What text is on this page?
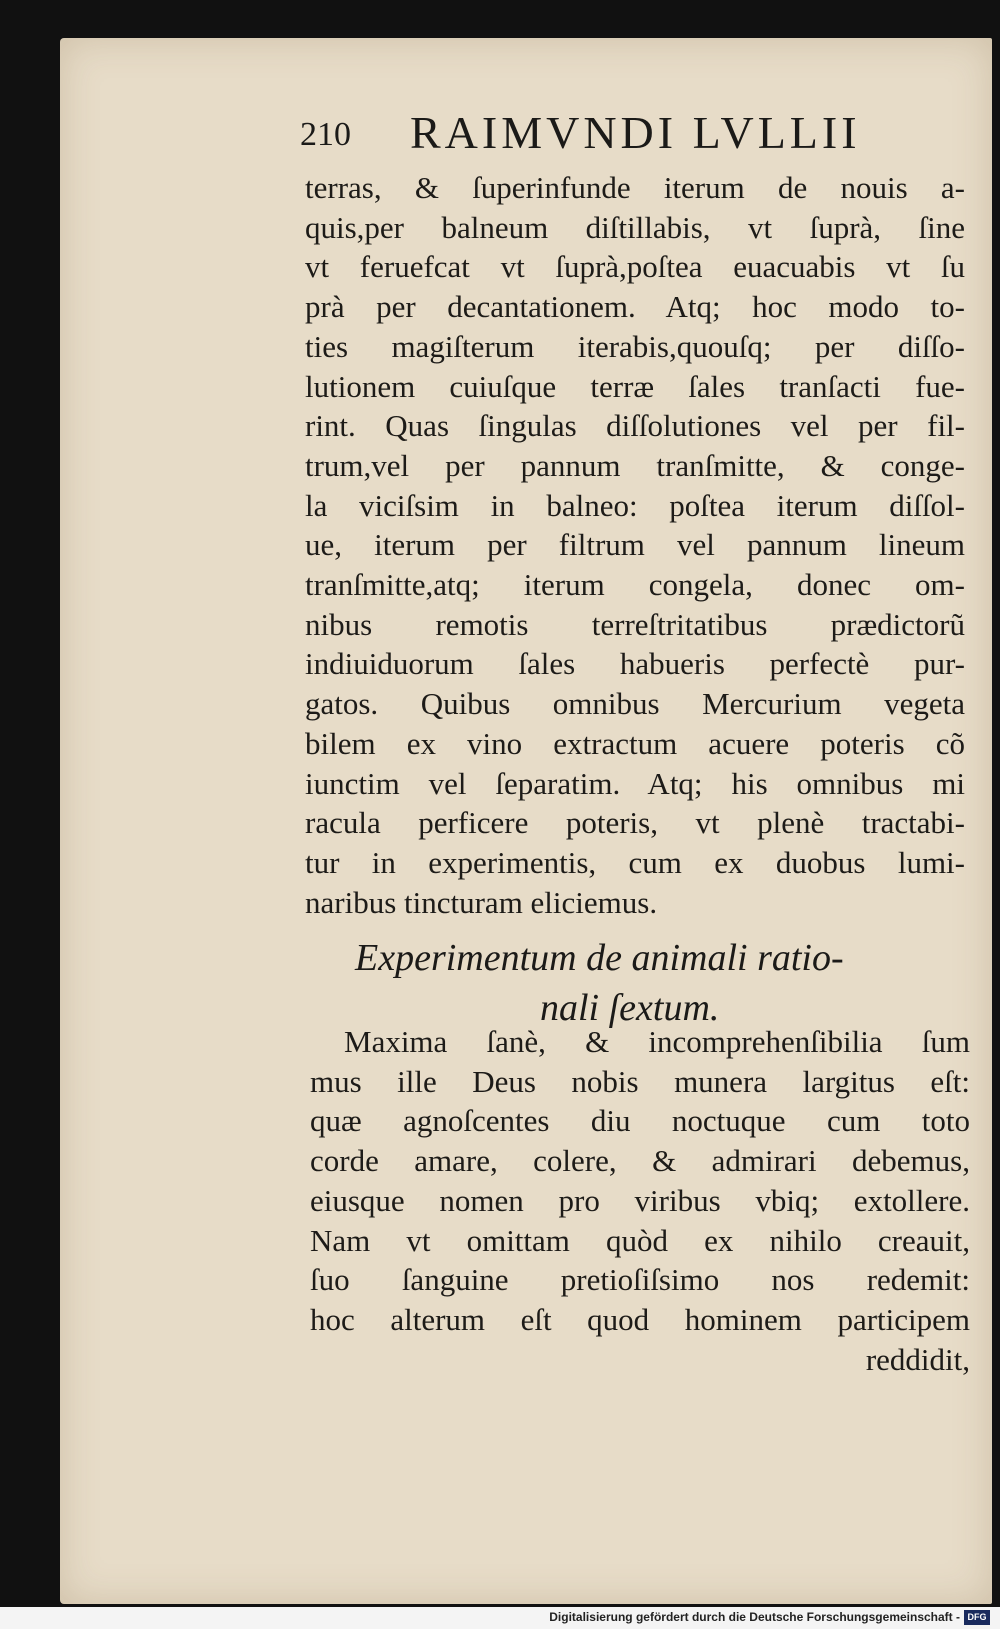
210 RAIMVNDI LVLLII
terras, & ſuperinfunde iterum de nouis a-
quis,per balneum diſtillabis, vt ſuprà, ſine
vt feruefcat vt ſuprà,poſtea euacuabis vt ſu
prà per decantationem. Atq; hoc modo to-
ties magiſterum iterabis,quouſq; per diſſo-
lutionem cuiuſque terræ ſales tranſacti fue-
rint. Quas ſingulas diſſolutiones vel per fil-
trum,vel per pannum tranſmitte, & conge-
la viciſsim in balneo: poſtea iterum diſſol-
ue, iterum per filtrum vel pannum lineum
tranſmitte,atq; iterum congela, donec om-
nibus remotis terreſtritatibus prædictorũ
indiuiduorum ſales habueris perfectè pur-
gatos. Quibus omnibus Mercurium vegeta
bilem ex vino extractum acuere poteris cõ
iunctim vel ſeparatim. Atq; his omnibus mi
racula perficere poteris, vt plenè tractabi-
tur in experimentis, cum ex duobus lumi-
naribus tincturam eliciemus.
Experimentum de animali ratio-
nali ſextum.
Maxima ſanè, & incomprehenſibilia ſum
mus ille Deus nobis munera largitus eſt:
quæ agnoſcentes diu noctuque cum toto
corde amare, colere, & admirari debemus,
eiusque nomen pro viribus vbiq; extollere.
Nam vt omittam quòd ex nihilo creauit,
ſuo ſanguine pretioſiſsimo nos redemit:
hoc alterum eſt quod hominem participem
reddidit,
Digitalisierung gefördert durch die Deutsche Forschungsgemeinschaft - DFG
